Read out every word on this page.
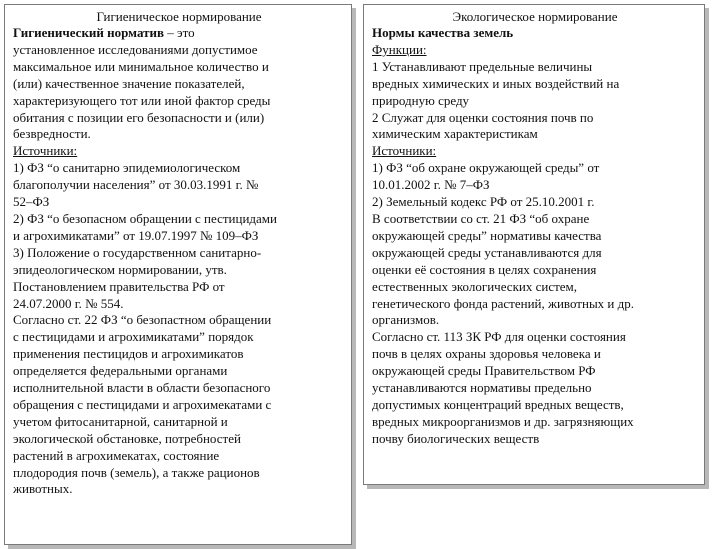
Гигиеническое нормирование

Гигиенический норматив – это

установленное исследованиями допустимое

максимальное или минимальное количество и

(или) качественное значение показателей,

характеризующего тот или иной фактор среды

обитания с позиции его безопасности и (или)

безвредности.

Источники:

1) ФЗ “о санитарно эпидемиологическом

благополучии населения” от 30.03.1991 г. №

52–ФЗ

2) ФЗ “о безопасном обращении с пестицидами

и агрохимикатами” от 19.07.1997 № 109–ФЗ

3) Положение о государственном санитарно-

эпидеологическом нормировании, утв.

Постановлением правительства РФ от

24.07.2000 г. № 554.

Согласно ст. 22 ФЗ “о безопастном обращении

с пестицидами и агрохимикатами” порядок

применения пестицидов и агрохимикатов

определяется федеральными органами

исполнительной власти в области безопасного

обращения с пестицидами и агрохимекатами с

учетом фитосанитарной, санитарной и

экологической обстановке, потребностей

растений в агрохимекатах, состояние

плодородия почв (земель), а также рационов

животных.

Экологическое нормирование

Нормы качества земель

Функции:

1 Устанавливают предельные величины

вредных химических и иных воздействий на

природную среду

2 Служат для оценки состояния почв по

химическим характеристикам

Источники:

1) ФЗ “об охране окружающей среды” от

10.01.2002 г. № 7–ФЗ

2) Земельный кодекс РФ от 25.10.2001 г.

В соответствии со ст. 21 ФЗ “об охране

окружающей среды” нормативы качества

окружающей среды устанавливаются для

оценки её состояния в целях сохранения

естественных экологических систем,

генетического фонда растений, животных и др.

организмов.

Согласно ст. 113 ЗК РФ для оценки состояния

почв в целях охраны здоровья человека и

окружающей среды Правительством РФ

устанавливаются нормативы предельно

допустимых концентраций вредных веществ,

вредных микроорганизмов и др. загрязняющих

почву биологических веществ
